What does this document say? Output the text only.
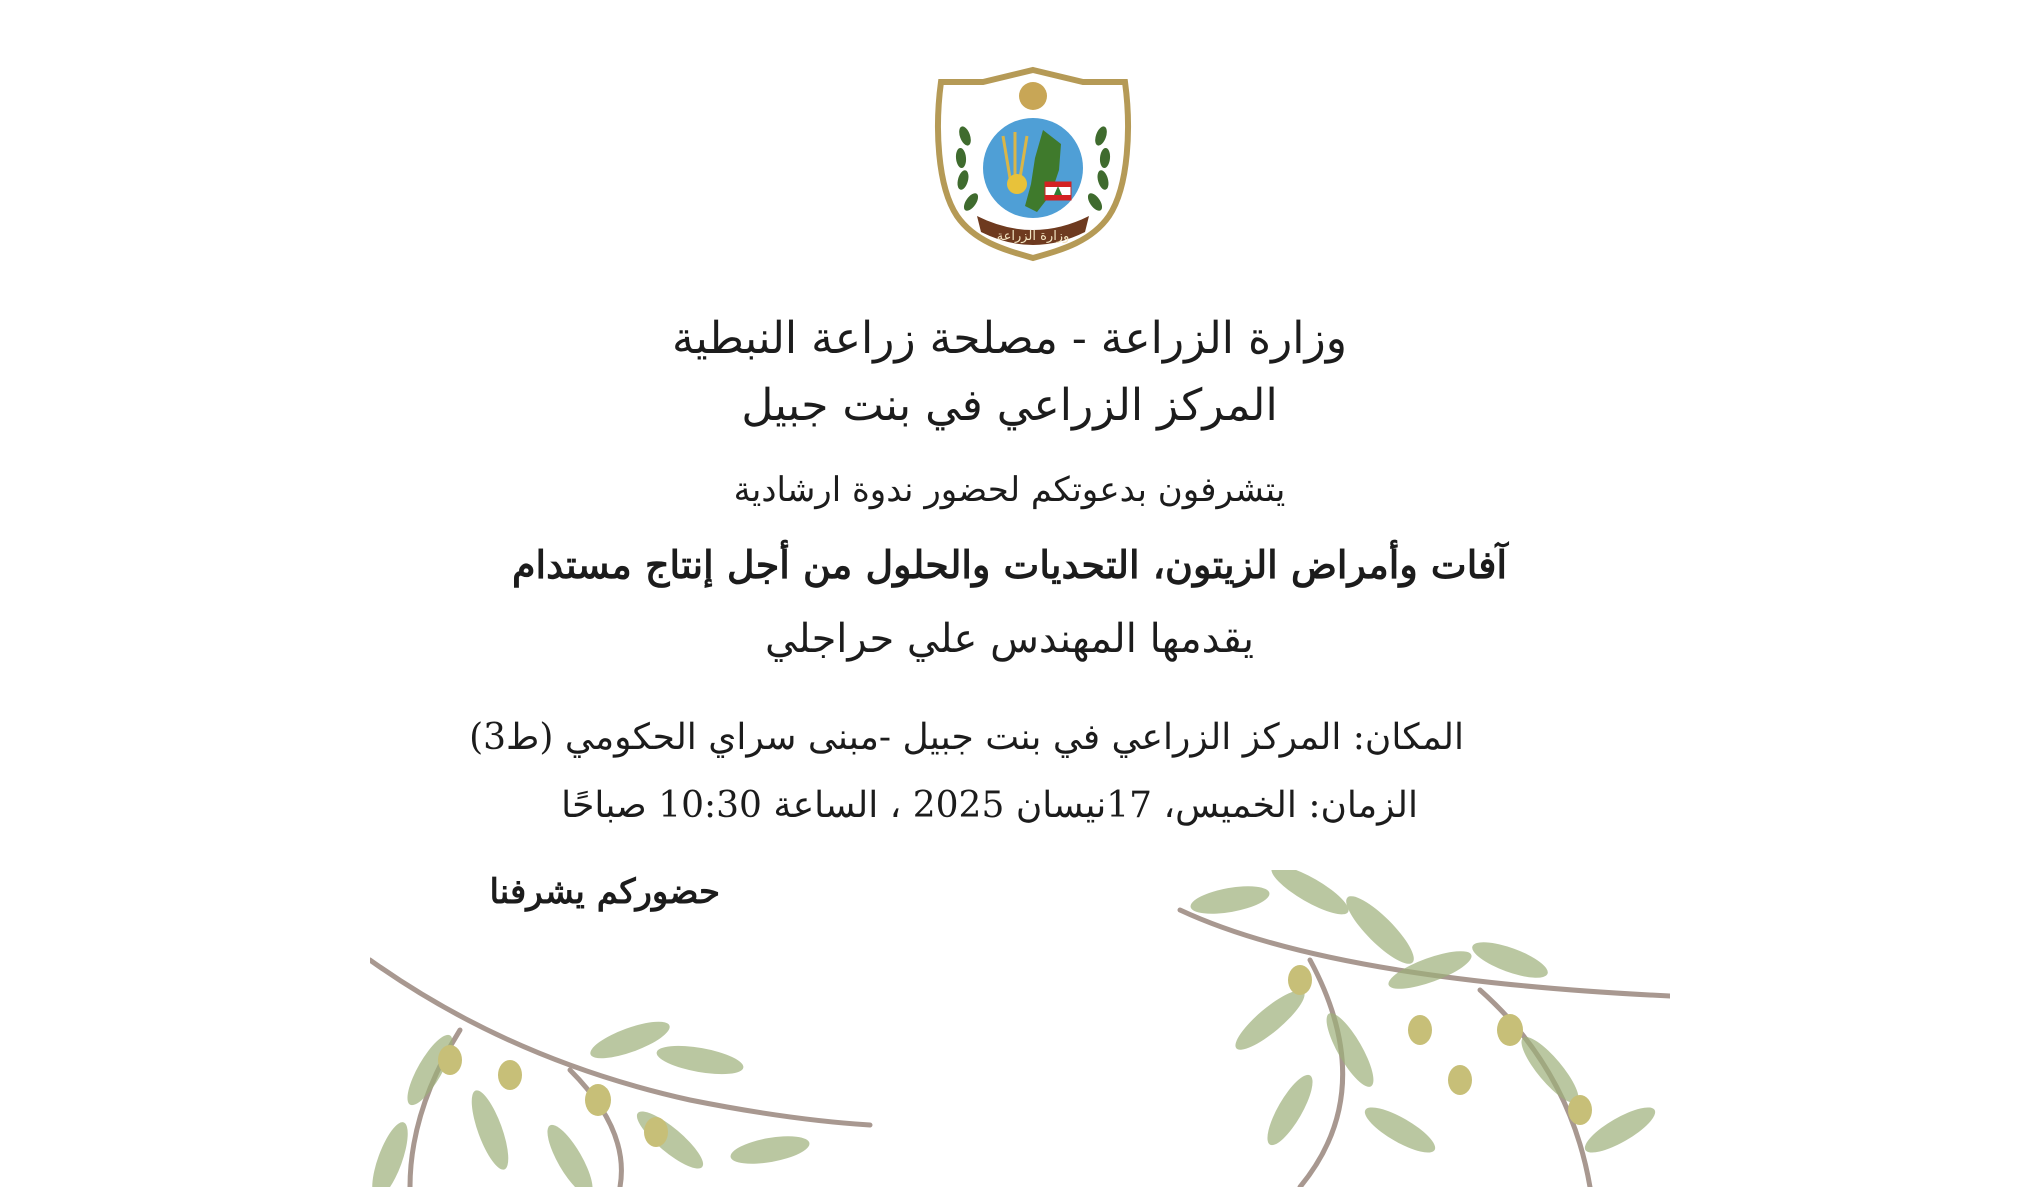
وزارة الزراعة
وزارة الزراعة - مصلحة زراعة النبطية
المركز الزراعي في بنت جبيل
يتشرفون بدعوتكم لحضور ندوة ارشادية
آفات وأمراض الزيتون، التحديات والحلول من أجل إنتاج مستدام
يقدمها المهندس علي حراجلي
المكان: المركز الزراعي في بنت جبيل -مبنى سراي الحكومي (ط3)
الزمان: الخميس، 17نيسان 2025 ، الساعة 10:30 صباحًا
حضوركم يشرفنا
